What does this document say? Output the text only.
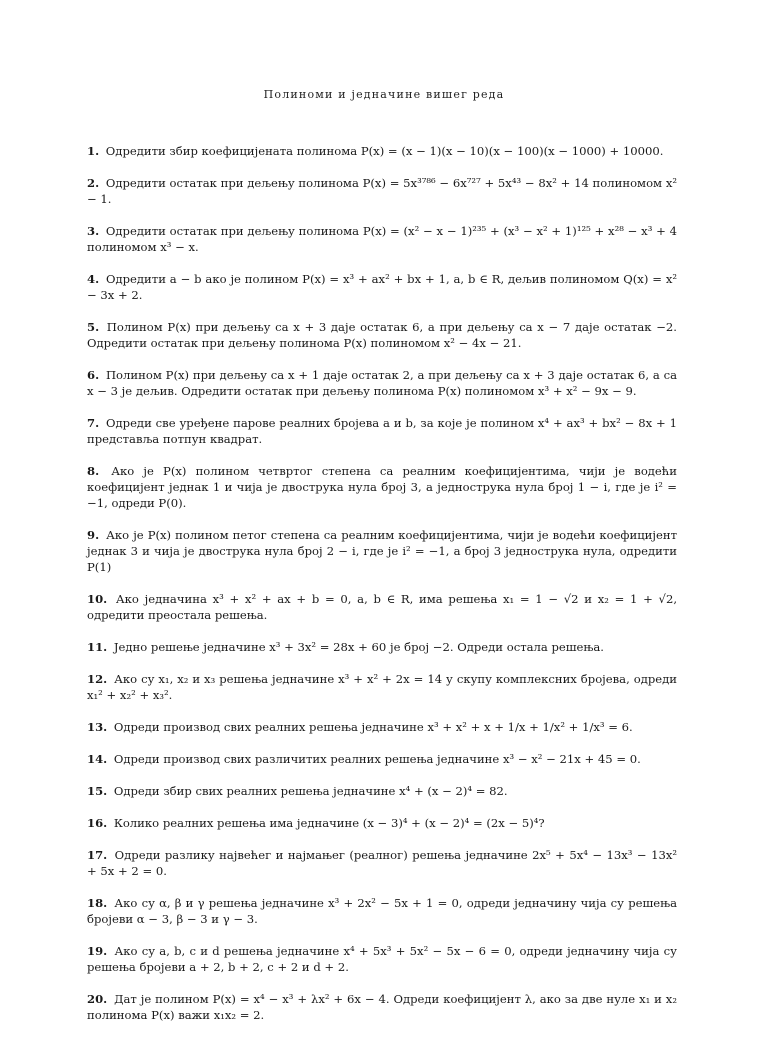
Полиноми и једначине вишег реда
1. Одредити збир коефицијената полинома P(x) = (x − 1)(x − 10)(x − 100)(x − 1000) + 10000.
2. Одредити остатак при дељењу полинома P(x) = 5x³⁷⁸⁶ − 6x⁷²⁷ + 5x⁴³ − 8x² + 14 полиномом x² − 1.
3. Одредити остатак при дељењу полинома P(x) = (x² − x − 1)²³⁵ + (x³ − x² + 1)¹²⁵ + x²⁸ − x³ + 4 полиномом x³ − x.
4. Одредити a − b ако је полином P(x) = x³ + ax² + bx + 1, a, b ∈ R, дељив полиномом Q(x) = x² − 3x + 2.
5. Полином P(x) при дељењу са x + 3 даје остатак 6, а при дељењу са x − 7 даје остатак −2. Одредити остатак при дељењу полинома P(x) полиномом x² − 4x − 21.
6. Полином P(x) при дељењу са x + 1 даје остатак 2, а при дељењу са x + 3 даје остатак 6, а са x − 3 је дељив. Одредити остатак при дељењу полинома P(x) полиномом x³ + x² − 9x − 9.
7. Одреди све уређене парове реалних бројева a и b, за које је полином x⁴ + ax³ + bx² − 8x + 1 представља потпун квадрат.
8. Ако је P(x) полином четвртог степена са реалним коефицијентима, чији је водећи коефицијент једнак 1 и чија је двострука нула број 3, а једнострука нула број 1 − i, где је i² = −1, одреди P(0).
9. Ако је P(x) полином петог степена са реалним коефицијентима, чији је водећи коефицијент једнак 3 и чија је двострука нула број 2 − i, где је i² = −1, а број 3 једнострука нула, одредити P(1)
10. Ако једначина x³ + x² + ax + b = 0, a, b ∈ R, има решења x₁ = 1 − √2 и x₂ = 1 + √2, одредити преостала решења.
11. Једно решење једначине x³ + 3x² = 28x + 60 је број −2. Одреди остала решења.
12. Ако су x₁, x₂ и x₃ решења једначине x³ + x² + 2x = 14 у скупу комплексних бројева, одреди x₁² + x₂² + x₃².
13. Одреди производ свих реалних решења једначине x³ + x² + x + 1/x + 1/x² + 1/x³ = 6.
14. Одреди производ свих различитих реалних решења једначине x³ − x² − 21x + 45 = 0.
15. Одреди збир свих реалних решења једначине x⁴ + (x − 2)⁴ = 82.
16. Колико реалних решења има једначине (x − 3)⁴ + (x − 2)⁴ = (2x − 5)⁴?
17. Одреди разлику највећег и најмањег (реалног) решења једначине 2x⁵ + 5x⁴ − 13x³ − 13x² + 5x + 2 = 0.
18. Ако су α, β и γ решења једначине x³ + 2x² − 5x + 1 = 0, одреди једначину чија су решења бројеви α − 3, β − 3 и γ − 3.
19. Ако су a, b, c и d решења једначине x⁴ + 5x³ + 5x² − 5x − 6 = 0, одреди једначину чија су решења бројеви a + 2, b + 2, c + 2 и d + 2.
20. Дат је полином P(x) = x⁴ − x³ + λx² + 6x − 4. Одреди коефицијент λ, ако за две нуле x₁ и x₂ полинома P(x) важи x₁x₂ = 2.
